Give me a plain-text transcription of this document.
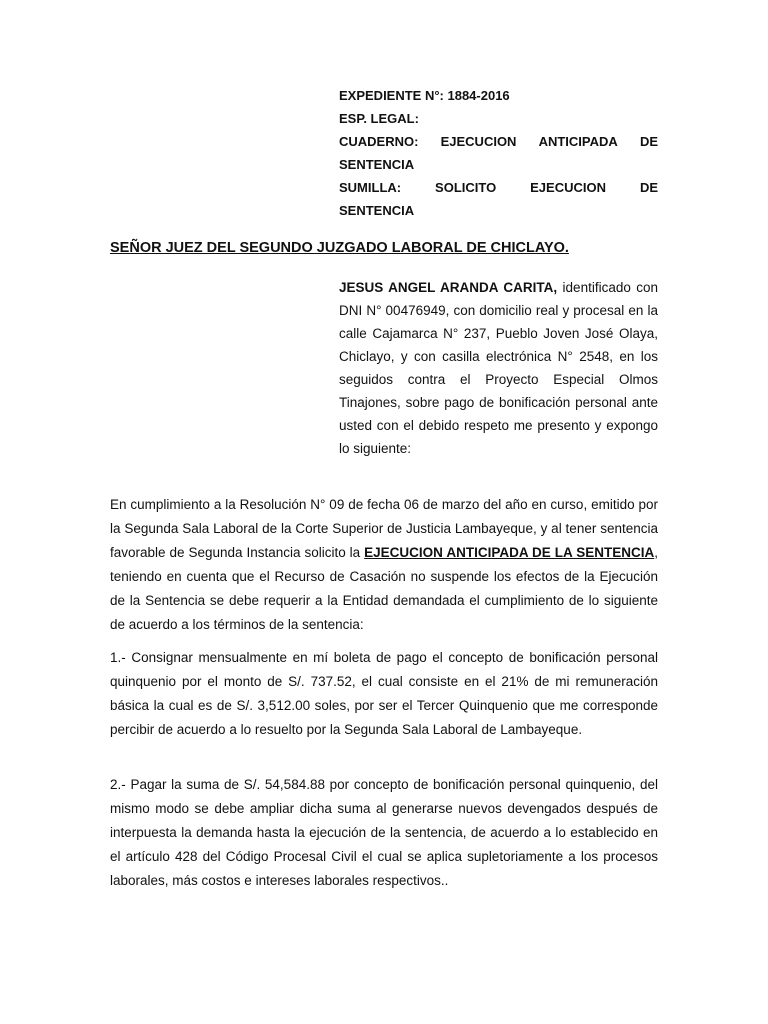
EXPEDIENTE N°: 1884-2016
ESP. LEGAL:
CUADERNO: EJECUCION ANTICIPADA DE
SENTENCIA
SUMILLA:	SOLICITO	EJECUCION	DE
SENTENCIA
SEÑOR JUEZ DEL SEGUNDO JUZGADO LABORAL DE CHICLAYO.
JESUS ANGEL ARANDA CARITA, identificado con DNI N° 00476949, con domicilio real y procesal en la calle Cajamarca N° 237, Pueblo Joven José Olaya, Chiclayo, y con casilla electrónica N° 2548, en los seguidos contra el Proyecto Especial Olmos Tinajones, sobre pago de bonificación personal ante usted con el debido respeto me presento y expongo lo siguiente:
En cumplimiento a la Resolución N° 09 de fecha 06 de marzo del año en curso, emitido por la Segunda Sala Laboral de la Corte Superior de Justicia Lambayeque, y al tener sentencia favorable de Segunda Instancia solicito la EJECUCION ANTICIPADA DE LA SENTENCIA, teniendo en cuenta que el Recurso de Casación no suspende los efectos de la Ejecución de la Sentencia se debe requerir a la Entidad demandada el cumplimiento de lo siguiente de acuerdo a los términos de la sentencia:
1.- Consignar mensualmente en mí boleta de pago el concepto de bonificación personal quinquenio por el monto de S/. 737.52, el cual consiste en el 21% de mi remuneración básica la cual es de S/. 3,512.00 soles, por ser el Tercer Quinquenio que me corresponde percibir de acuerdo a lo resuelto por la Segunda Sala Laboral de Lambayeque.
2.- Pagar la suma de S/. 54,584.88 por concepto de bonificación personal quinquenio, del mismo modo se debe ampliar dicha suma al generarse nuevos devengados después de interpuesta la demanda hasta la ejecución de la sentencia, de acuerdo a lo establecido en el artículo 428 del Código Procesal Civil el cual se aplica supletoriamente a los procesos laborales, más costos e intereses laborales respectivos..
